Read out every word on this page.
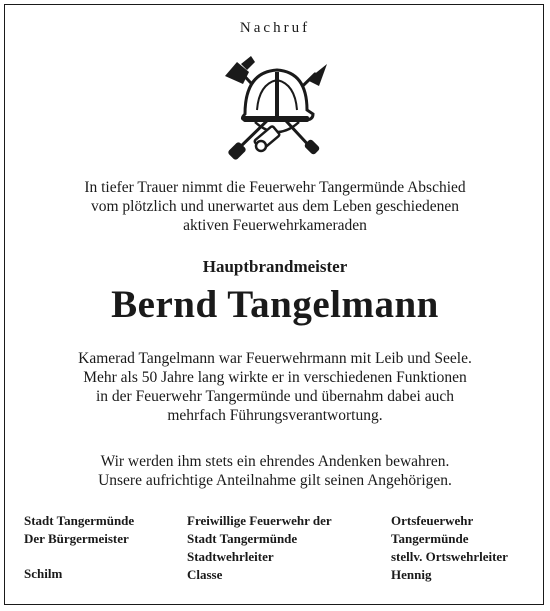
Nachruf
In tiefer Trauer nimmt die Feuerwehr Tangermünde Abschied
vom plötzlich und unerwartet aus dem Leben geschiedenen
aktiven Feuerwehrkameraden
Hauptbrandmeister
Bernd Tangelmann
Kamerad Tangelmann war Feuerwehrmann mit Leib und Seele.
Mehr als 50 Jahre lang wirkte er in verschiedenen Funktionen
in der Feuerwehr Tangermünde und übernahm dabei auch
mehrfach Führungsverantwortung.
Wir werden ihm stets ein ehrendes Andenken bewahren.
Unsere aufrichtige Anteilnahme gilt seinen Angehörigen.
Stadt Tangermünde
Der Bürgermeister
Schilm
Freiwillige Feuerwehr der
Stadt Tangermünde
Stadtwehrleiter
Classe
Ortsfeuerwehr
Tangermünde
stellv. Ortswehrleiter
Hennig
